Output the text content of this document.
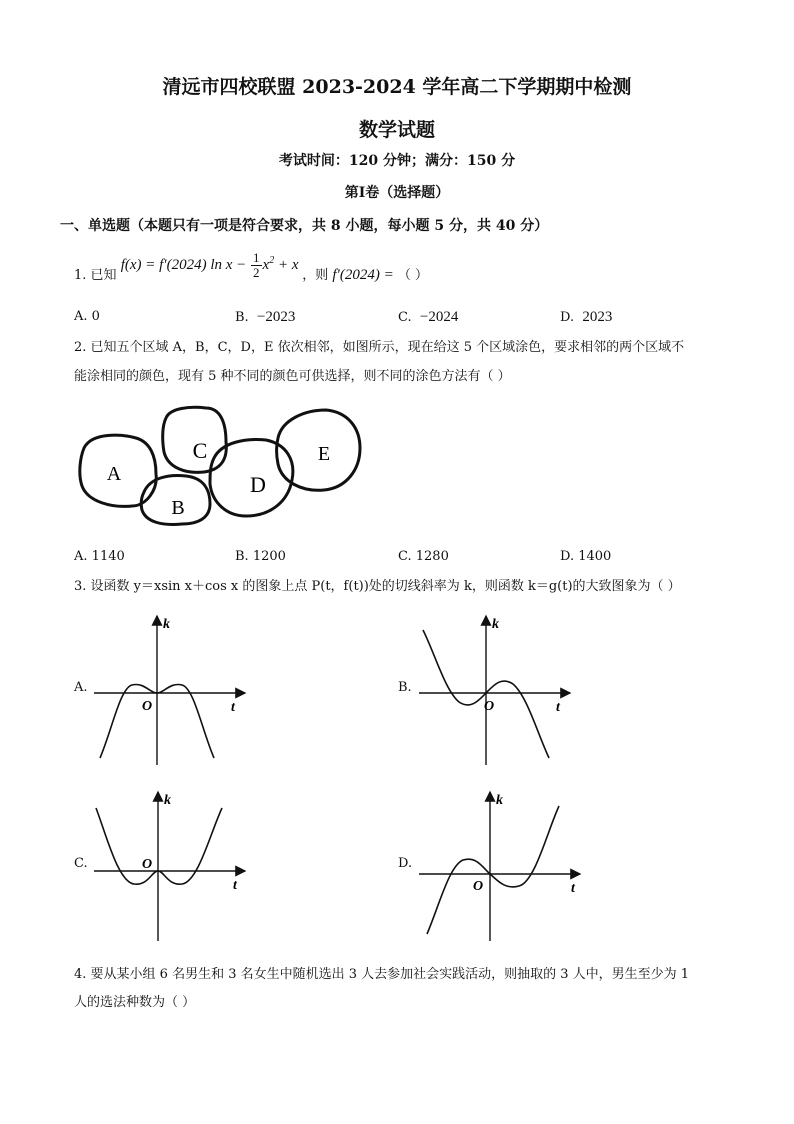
清远市四校联盟 2023-2024 学年高二下学期期中检测
数学试题
考试时间：120 分钟；满分：150 分
第Ⅰ卷（选择题）
一、单选题（本题只有一项是符合要求，共 8 小题，每小题 5 分，共 40 分）
1. 已知 f(x) = f′(2024) $\ln x - \frac{1}{2} x^2 + x$ ，则 f′(2024) = （ ）
A. 0	B. −2023	C. −2024	D. 2023
2. 已知五个区域 A，B，C，D，E 依次相邻，如图所示，现在给这 5 个区域涂色，要求相邻的两个区域不
能涂相同的颜色，现有 5 种不同的颜色可供选择，则不同的涂色方法有（ ）
A
B
C
D
E
A. 1140	B. 1200	C. 1280	D. 1400
3. 设函数 y＝xsin x＋cos x 的图象上点 P(t，f(t))处的切线斜率为 k，则函数 k＝g(t)的大致图象为（ ）
A.
k
t
O
B.
k
t
O
C.
k
t
O	D.
k
t
O
4. 要从某小组 6 名男生和 3 名女生中随机选出 3 人去参加社会实践活动，则抽取的 3 人中，男生至少为 1
人的选法种数为（ ）
